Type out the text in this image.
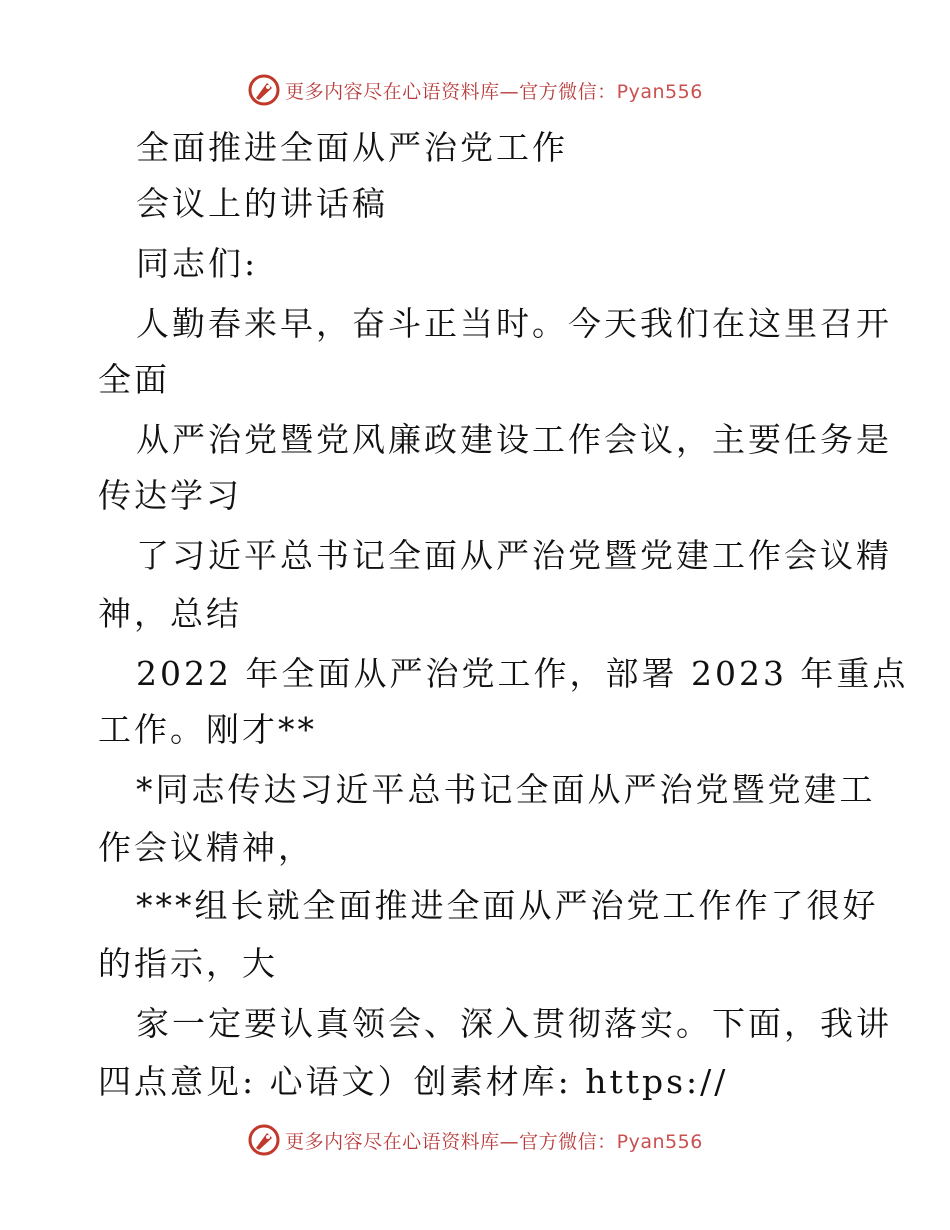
更多内容尽在心语资料库—官方微信：Pyan556
全面推进全面从严治党工作
会议上的讲话稿
同志们:
人勤春来早，奋斗正当时。今天我们在这里召开
全面
从严治党暨党风廉政建设工作会议，主要任务是
传达学习
了习近平总书记全面从严治党暨党建工作会议精
神，总结
2022 年全面从严治党工作，部署 2023 年重点
工作。刚才**
*同志传达习近平总书记全面从严治党暨党建工
作会议精神，
***组长就全面推进全面从严治党工作作了很好
的指示，大
家一定要认真领会、深入贯彻落实。下面，我讲
四点意见: 心语文）创素材库: https://
更多内容尽在心语资料库—官方微信：Pyan556
